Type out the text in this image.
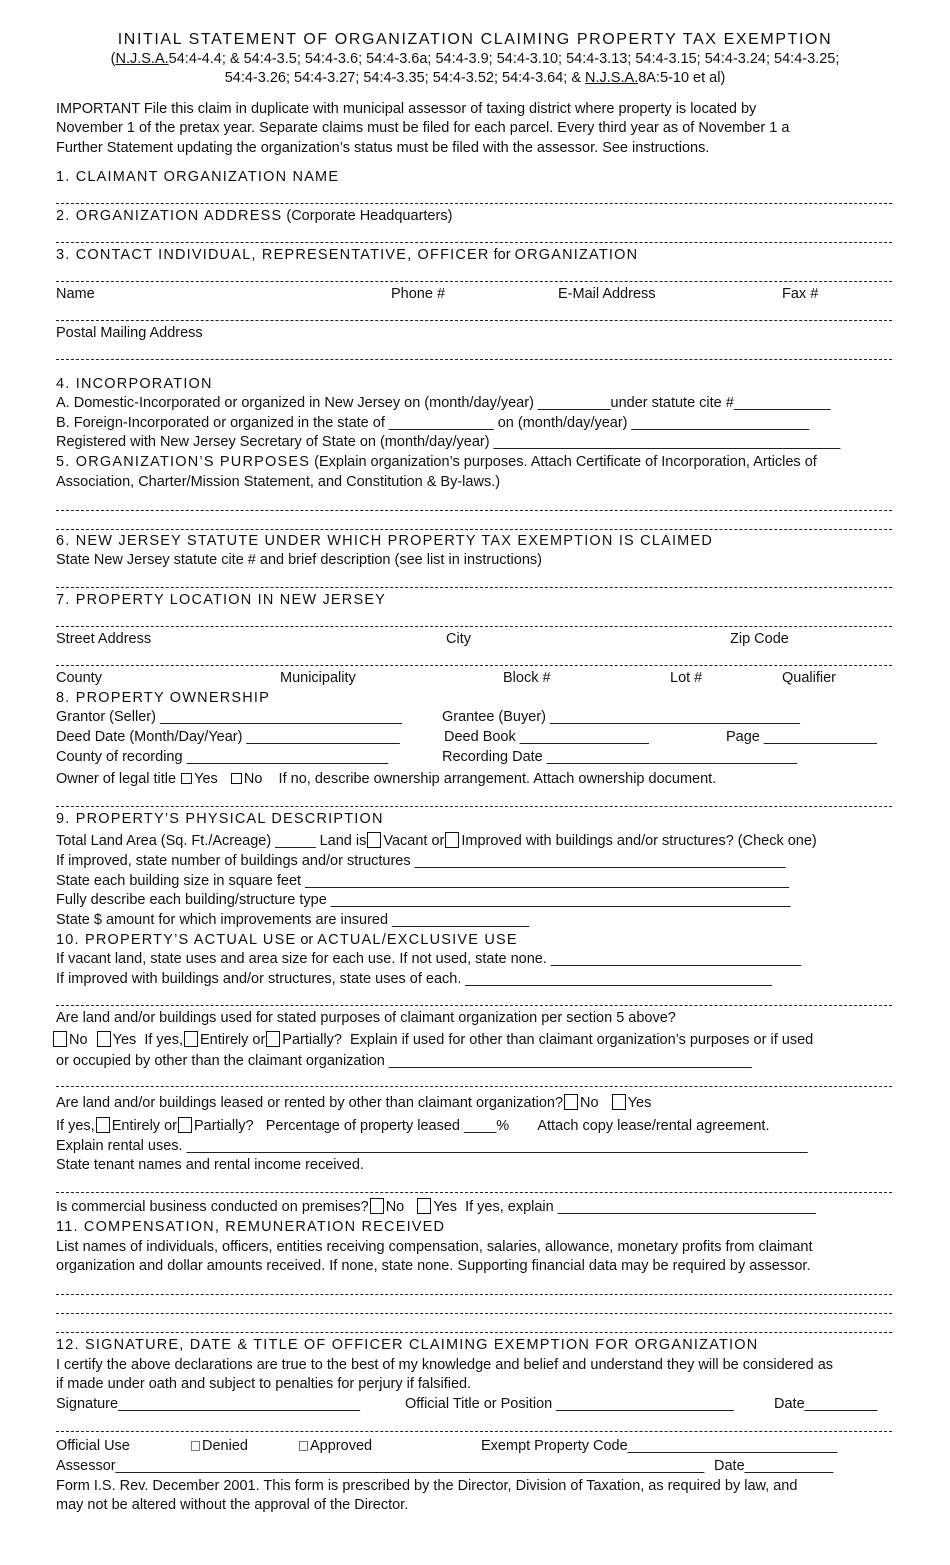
INITIAL STATEMENT OF ORGANIZATION CLAIMING PROPERTY TAX EXEMPTION
(N.J.S.A.54:4-4.4; & 54:4-3.5; 54:4-3.6; 54:4-3.6a; 54:4-3.9; 54:4-3.10; 54:4-3.13; 54:4-3.15; 54:4-3.24; 54:4-3.25;
54:4-3.26; 54:4-3.27; 54:4-3.35; 54:4-3.52; 54:4-3.64; & N.J.S.A.8A:5-10 et al)
IMPORTANT File this claim in duplicate with municipal assessor of taxing district where property is located by
November 1 of the pretax year. Separate claims must be filed for each parcel. Every third year as of November 1 a
Further Statement updating the organization’s status must be filed with the assessor. See instructions.
1. CLAIMANT ORGANIZATION NAME
2. ORGANIZATION ADDRESS (Corporate Headquarters)
3. CONTACT INDIVIDUAL, REPRESENTATIVE, OFFICER for ORGANIZATION
Name	Phone #	E-Mail Address	Fax #
Postal Mailing Address
4. INCORPORATION
A. Domestic-Incorporated or organized in New Jersey on (month/day/year) _________under statute cite #____________
B. Foreign-Incorporated or organized in the state of _____________ on (month/day/year) ______________________
Registered with New Jersey Secretary of State on (month/day/year) ___________________________________________
5. ORGANIZATION’S PURPOSES (Explain organization’s purposes. Attach Certificate of Incorporation, Articles of
Association, Charter/Mission Statement, and Constitution & By-laws.)
6. NEW JERSEY STATUTE UNDER WHICH PROPERTY TAX EXEMPTION IS CLAIMED
State New Jersey statute cite # and brief description (see list in instructions)
7. PROPERTY LOCATION IN NEW JERSEY
Street Address	City	Zip Code
County	Municipality	Block #	Lot #	Qualifier
8. PROPERTY OWNERSHIP
Grantor (Seller) ______________________________	Grantee (Buyer) _______________________________
Deed Date (Month/Day/Year) ___________________	Deed Book ________________	Page ______________
County of recording _________________________	Recording Date _______________________________
Owner of legal title Yes No If no, describe ownership arrangement. Attach ownership document.
9. PROPERTY’S PHYSICAL DESCRIPTION
Total Land Area (Sq. Ft./Acreage) _____ Land is Vacant or Improved with buildings and/or structures? (Check one)
If improved, state number of buildings and/or structures ______________________________________________
State each building size in square feet ____________________________________________________________
Fully describe each building/structure type _________________________________________________________
State $ amount for which improvements are insured _________________
10. PROPERTY’S ACTUAL USE or ACTUAL/EXCLUSIVE USE
If vacant land, state uses and area size for each use. If not used, state none. _______________________________
If improved with buildings and/or structures, state uses of each. ______________________________________
Are land and/or buildings used for stated purposes of claimant organization per section 5 above?
No Yes If yes, Entirely or Partially? Explain if used for other than claimant organization’s purposes or if used
or occupied by other than the claimant organization _____________________________________________
Are land and/or buildings leased or rented by other than claimant organization? No Yes
If yes, Entirely or Partially? Percentage of property leased ____% Attach copy lease/rental agreement.
Explain rental uses. _____________________________________________________________________________
State tenant names and rental income received.
Is commercial business conducted on premises? No Yes If yes, explain ________________________________
11. COMPENSATION, REMUNERATION RECEIVED
List names of individuals, officers, entities receiving compensation, salaries, allowance, monetary profits from claimant
organization and dollar amounts received. If none, state none. Supporting financial data may be required by assessor.
12. SIGNATURE, DATE & TITLE OF OFFICER CLAIMING EXEMPTION FOR ORGANIZATION
I certify the above declarations are true to the best of my knowledge and belief and understand they will be considered as
if made under oath and subject to penalties for perjury if falsified.
Signature______________________________	Official Title or Position ______________________	Date_________
Official Use	Denied	Approved	Exempt Property Code__________________________
Assessor_________________________________________________________________________ Date___________
Form I.S. Rev. December 2001. This form is prescribed by the Director, Division of Taxation, as required by law, and
may not be altered without the approval of the Director.
